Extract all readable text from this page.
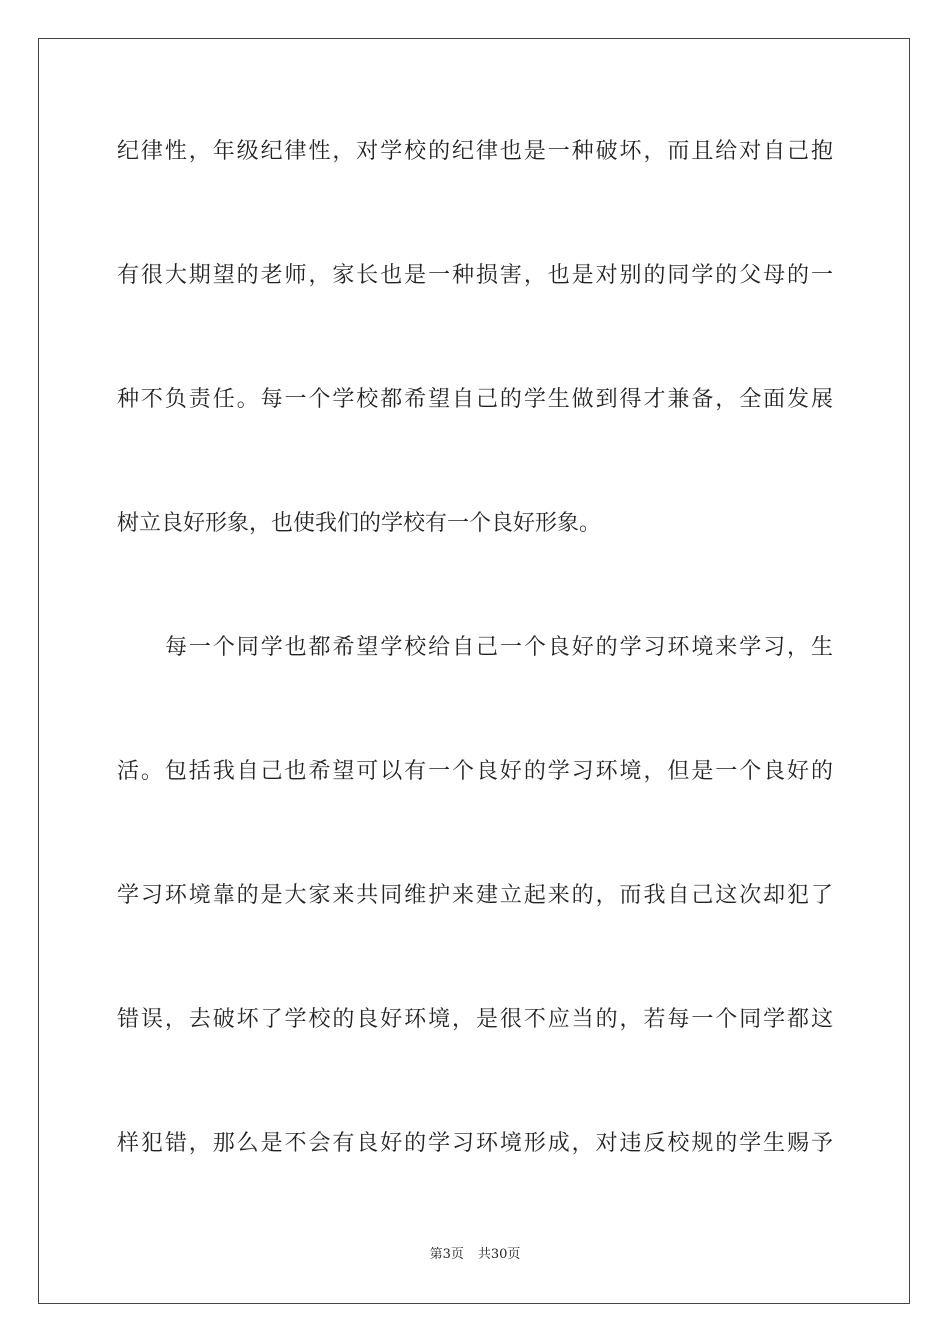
纪律性，年级纪律性，对学校的纪律也是一种破坏，而且给对自己抱
有很大期望的老师，家长也是一种损害，也是对别的同学的父母的一
种不负责任。每一个学校都希望自己的学生做到得才兼备，全面发展
树立良好形象，也使我们的学校有一个良好形象。
每一个同学也都希望学校给自己一个良好的学习环境来学习，生
活。包括我自己也希望可以有一个良好的学习环境，但是一个良好的
学习环境靠的是大家来共同维护来建立起来的，而我自己这次却犯了
错误，去破坏了学校的良好环境，是很不应当的，若每一个同学都这
样犯错，那么是不会有良好的学习环境形成，对违反校规的学生赐予
第3页 共30页
